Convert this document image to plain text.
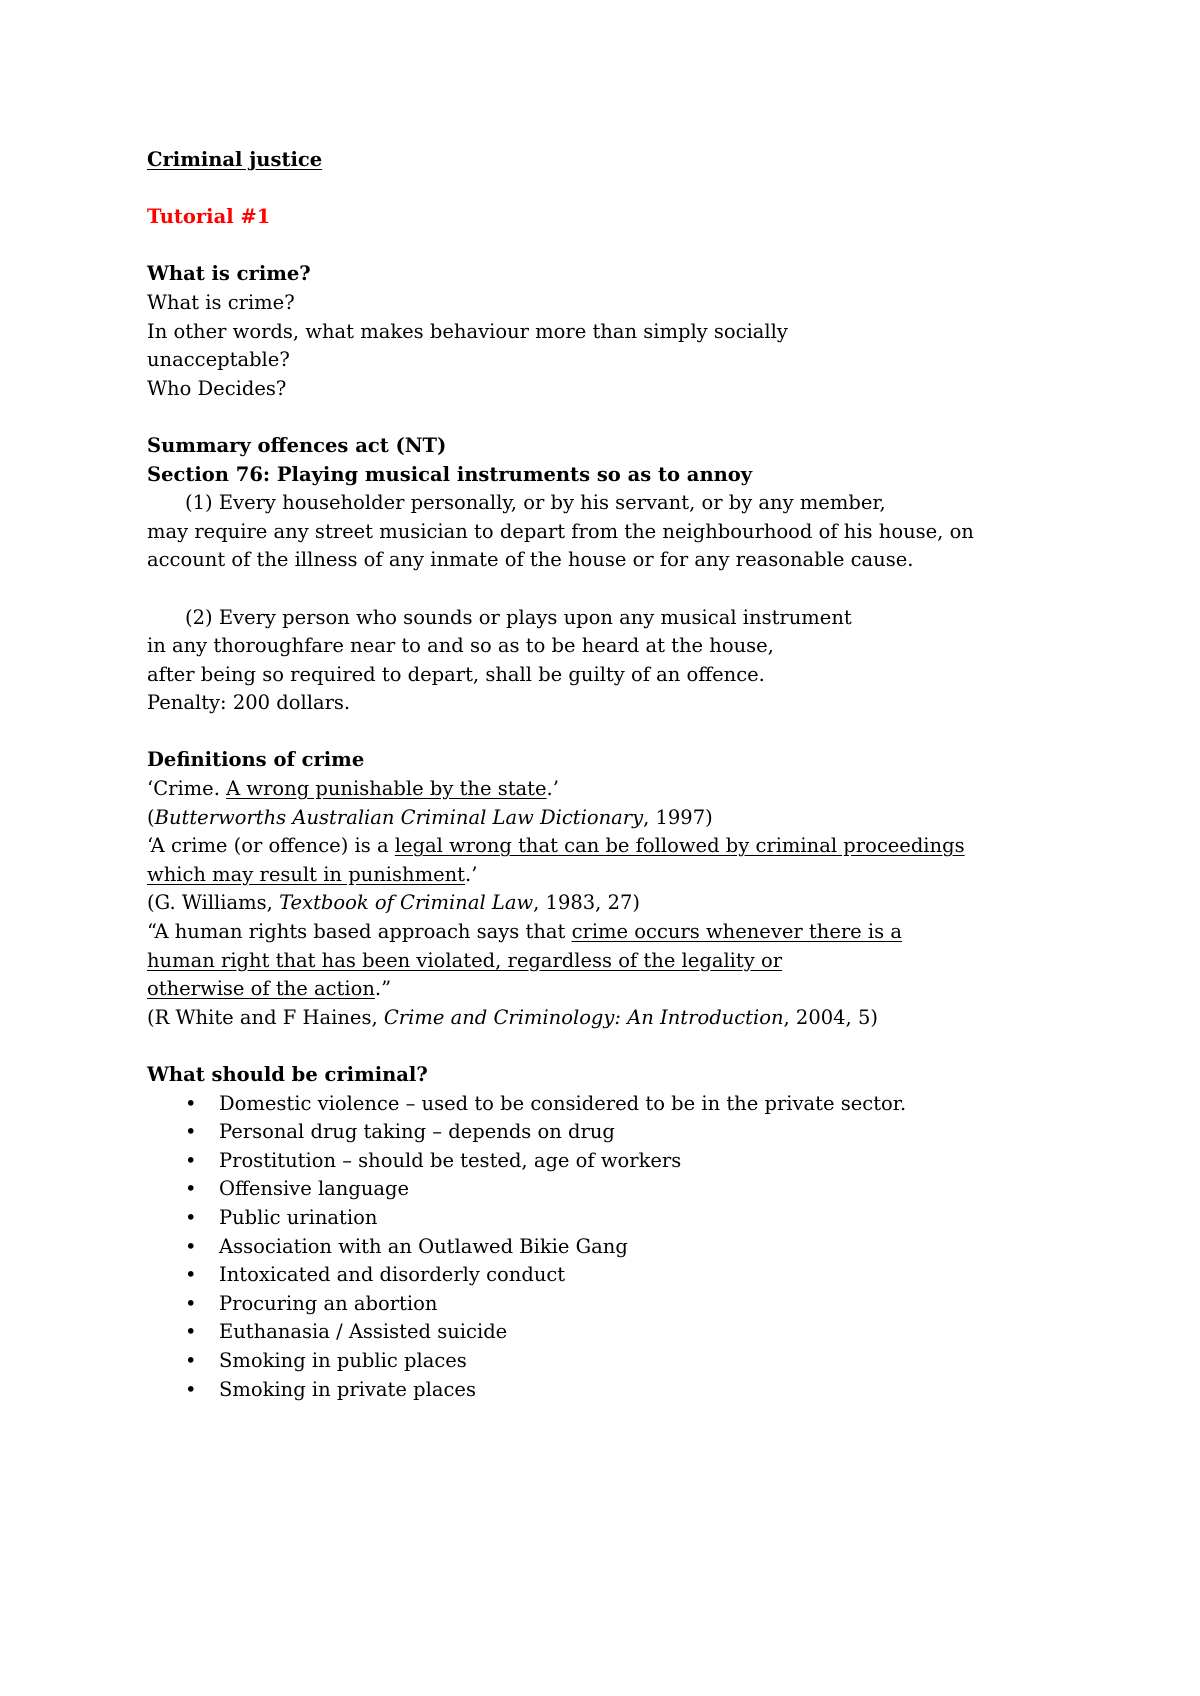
Criminal justice
Tutorial #1
What is crime?
What is crime?
In other words, what makes behaviour more than simply socially
unacceptable?
Who Decides?
Summary offences act (NT)
Section 76: Playing musical instruments so as to annoy
(1) Every householder personally, or by his servant, or by any member,
may require any street musician to depart from the neighbourhood of his house, on
account of the illness of any inmate of the house or for any reasonable cause.
(2) Every person who sounds or plays upon any musical instrument
in any thoroughfare near to and so as to be heard at the house,
after being so required to depart, shall be guilty of an offence.
Penalty: 200 dollars.
Definitions of crime
‘Crime. A wrong punishable by the state.’
(Butterworths Australian Criminal Law Dictionary, 1997)
‘A crime (or offence) is a legal wrong that can be followed by criminal proceedings
which may result in punishment.’
(G. Williams, Textbook of Criminal Law, 1983, 27)
“A human rights based approach says that crime occurs whenever there is a
human right that has been violated, regardless of the legality or
otherwise of the action.”
(R White and F Haines, Crime and Criminology: An Introduction, 2004, 5)
What should be criminal?
• Domestic violence – used to be considered to be in the private sector.
• Personal drug taking – depends on drug
• Prostitution – should be tested, age of workers
• Offensive language
• Public urination
• Association with an Outlawed Bikie Gang
• Intoxicated and disorderly conduct
• Procuring an abortion
• Euthanasia / Assisted suicide
• Smoking in public places
• Smoking in private places
